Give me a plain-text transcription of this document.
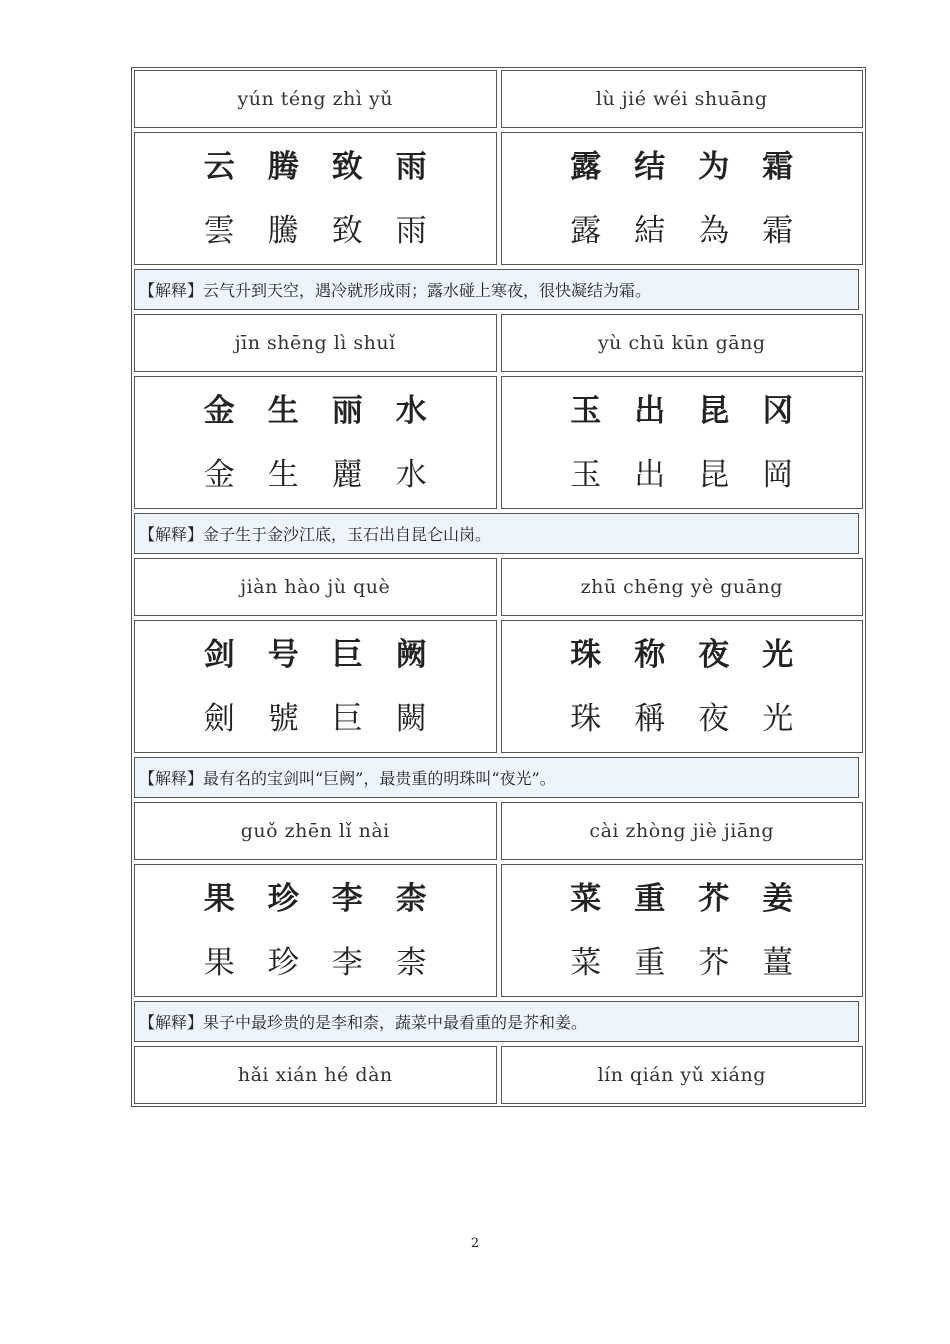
yún téng zhì yǔ	lù jié wéi shuāng
云	腾	致	雨
雲	騰	致	雨
露	结	为	霜
露	結	為	霜
【解释】云气升到天空，遇冷就形成雨；露水碰上寒夜，很快凝结为霜。
jīn shēng lì shuǐ	yù chū kūn gāng
金	生	丽	水
金	生	麗	水
玉	出	昆	冈
玉	出	昆	岡
【解释】金子生于金沙江底，玉石出自昆仑山岗。
jiàn hào jù què	zhū chēng yè guāng
剑	号	巨	阙
劍	號	巨	闕
珠	称	夜	光
珠	稱	夜	光
【解释】最有名的宝剑叫“巨阙”，最贵重的明珠叫“夜光”。
guǒ zhēn lǐ nài	cài zhòng jiè jiāng
果	珍	李	柰
果	珍	李	柰
菜	重	芥	姜
菜	重	芥	薑
【解释】果子中最珍贵的是李和柰，蔬菜中最看重的是芥和姜。
hǎi xián hé dàn	lín qián yǔ xiáng
2
